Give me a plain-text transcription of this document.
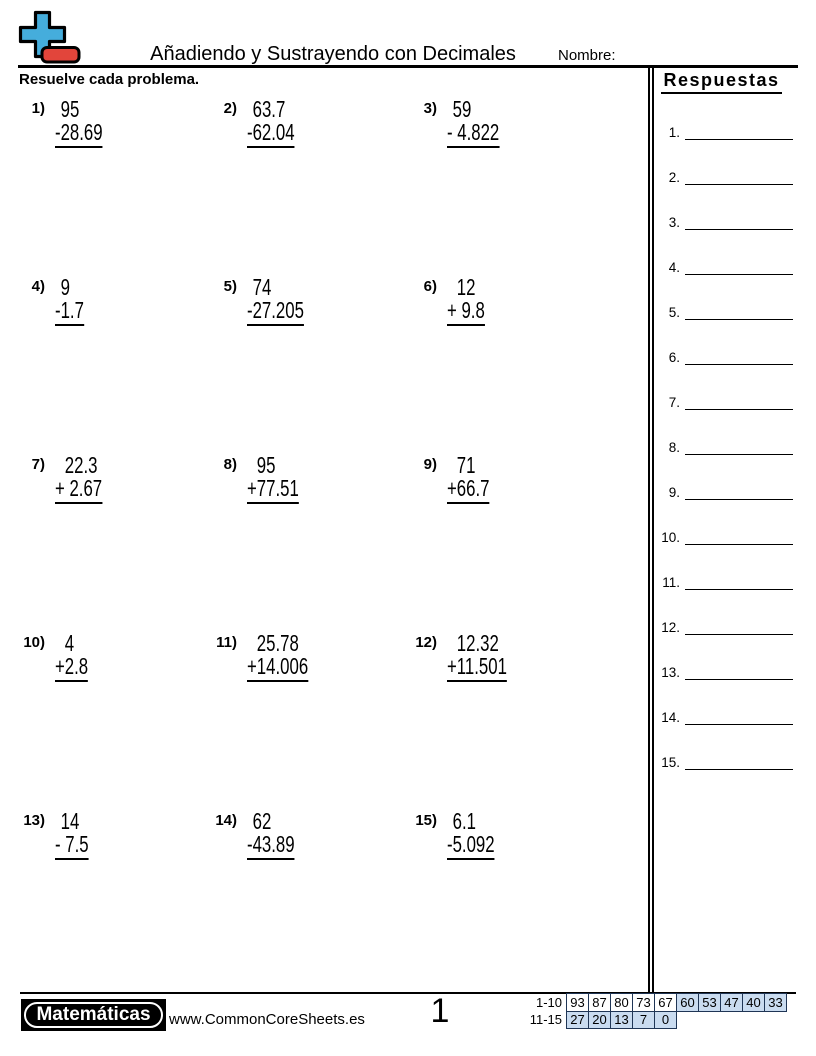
Añadiendo y Sustrayendo con Decimales	Nombre:
Resuelve cada problema.
1) 95
-28.69
2) 63.7
-62.04
3) 59
- 4.822
4) 9
-1.7
5) 74
-27.205
6) 12
+ 9.8
7) 22.3
+ 2.67
8) 95
+77.51
9) 71
+66.7
10) 4
+2.8
11) 25.78
+14.006
12) 12.32
+11.501
13) 14
- 7.5
14) 62
-43.89
15) 6.1
-5.092
Respuestas
1.
2.
3.
4.
5.
6.
7.
8.
9.
10.
11.
12.
13.
14.
15.
Matemáticas	www.CommonCoreSheets.es	1	1-10	93	87	80	73	67	60	53	47	40	33
11-15	27	20	13	7	0					
